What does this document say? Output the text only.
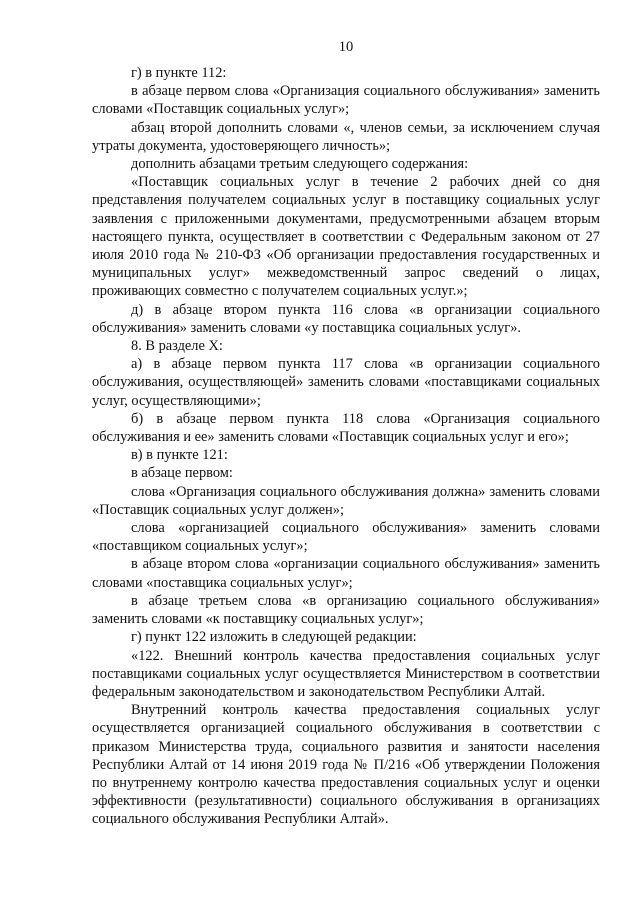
10

г) в пункте 112:

в абзаце первом слова «Организация социального обслуживания» заменить словами «Поставщик социальных услуг»;

абзац второй дополнить словами «, членов семьи, за исключением случая утраты документа, удостоверяющего личность»;

дополнить абзацами третьим следующего содержания:

«Поставщик социальных услуг в течение 2 рабочих дней со дня представления получателем социальных услуг в поставщику социальных услуг заявления с приложенными документами, предусмотренными абзацем вторым настоящего пункта, осуществляет в соответствии с Федеральным законом от 27 июля 2010 года № 210-ФЗ «Об организации предоставления государственных и муниципальных услуг» межведомственный запрос сведений о лицах, проживающих совместно с получателем социальных услуг.»;

д) в абзаце втором пункта 116 слова «в организации социального обслуживания» заменить словами «у поставщика социальных услуг».

8. В разделе X:

а) в абзаце первом пункта 117 слова «в организации социального обслуживания, осуществляющей» заменить словами «поставщиками социальных услуг, осуществляющими»;

б) в абзаце первом пункта 118 слова «Организация социального обслуживания и ее» заменить словами «Поставщик социальных услуг и его»;

в) в пункте 121:

в абзаце первом:

слова «Организация социального обслуживания должна» заменить словами «Поставщик социальных услуг должен»;

слова «организацией социального обслуживания» заменить словами «поставщиком социальных услуг»;

в абзаце втором слова «организации социального обслуживания» заменить словами «поставщика социальных услуг»;

в абзаце третьем слова «в организацию социального обслуживания» заменить словами «к поставщику социальных услуг»;

г) пункт 122 изложить в следующей редакции:

«122. Внешний контроль качества предоставления социальных услуг поставщиками социальных услуг осуществляется Министерством в соответствии федеральным законодательством и законодательством Республики Алтай.

Внутренний контроль качества предоставления социальных услуг осуществляется организацией социального обслуживания в соответствии с приказом Министерства труда, социального развития и занятости населения Республики Алтай от 14 июня 2019 года № П/216 «Об утверждении Положения по внутреннему контролю качества предоставления социальных услуг и оценки эффективности (результативности) социального обслуживания в организациях социального обслуживания Республики Алтай».
